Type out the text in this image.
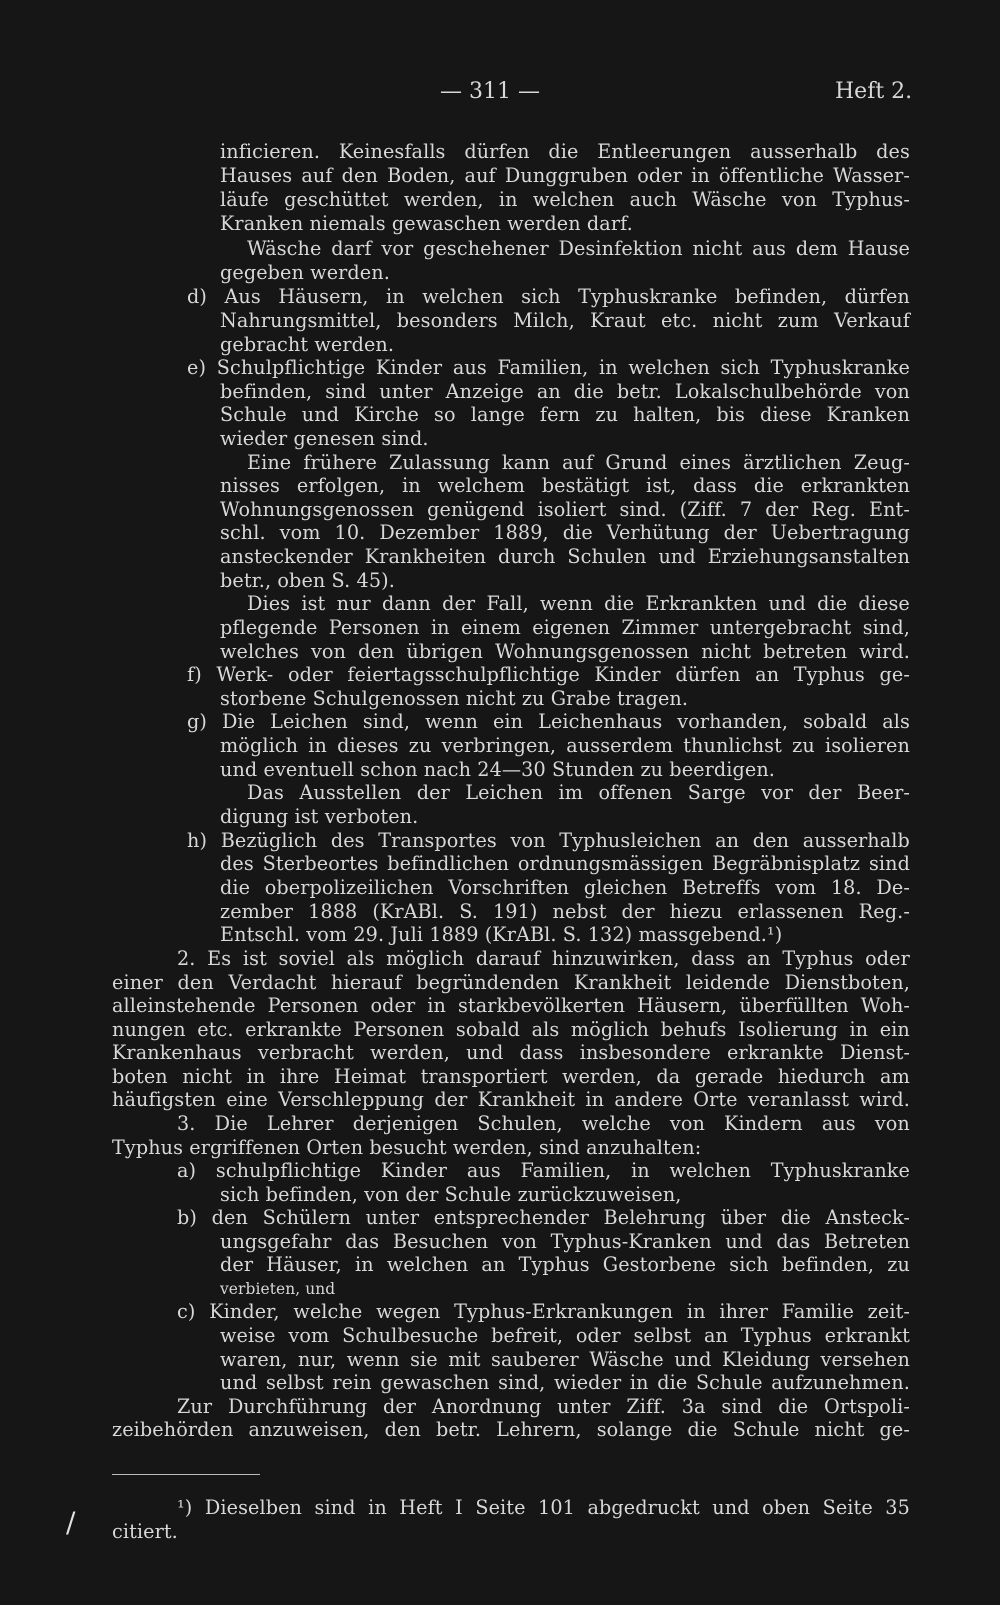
— 311 —	Heft 2.
inficieren. Keinesfalls dürfen die Entleerungen ausserhalb des
Hauses auf den Boden, auf Dunggruben oder in öffentliche Wasser-
läufe geschüttet werden, in welchen auch Wäsche von Typhus-
Kranken niemals gewaschen werden darf.
Wäsche darf vor geschehener Desinfektion nicht aus dem Hause
gegeben werden.
d) Aus Häusern, in welchen sich Typhuskranke befinden, dürfen
Nahrungsmittel, besonders Milch, Kraut etc. nicht zum Verkauf
gebracht werden.
e) Schulpflichtige Kinder aus Familien, in welchen sich Typhuskranke
befinden, sind unter Anzeige an die betr. Lokalschulbehörde von
Schule und Kirche so lange fern zu halten, bis diese Kranken
wieder genesen sind.
Eine frühere Zulassung kann auf Grund eines ärztlichen Zeug-
nisses erfolgen, in welchem bestätigt ist, dass die erkrankten
Wohnungsgenossen genügend isoliert sind. (Ziff. 7 der Reg. Ent-
schl. vom 10. Dezember 1889, die Verhütung der Uebertragung
ansteckender Krankheiten durch Schulen und Erziehungsanstalten
betr., oben S. 45).
Dies ist nur dann der Fall, wenn die Erkrankten und die diese
pflegende Personen in einem eigenen Zimmer untergebracht sind,
welches von den übrigen Wohnungsgenossen nicht betreten wird.
f) Werk- oder feiertagsschulpflichtige Kinder dürfen an Typhus ge-
storbene Schulgenossen nicht zu Grabe tragen.
g) Die Leichen sind, wenn ein Leichenhaus vorhanden, sobald als
möglich in dieses zu verbringen, ausserdem thunlichst zu isolieren
und eventuell schon nach 24—30 Stunden zu beerdigen.
Das Ausstellen der Leichen im offenen Sarge vor der Beer-
digung ist verboten.
h) Bezüglich des Transportes von Typhusleichen an den ausserhalb
des Sterbeortes befindlichen ordnungsmässigen Begräbnisplatz sind
die oberpolizeilichen Vorschriften gleichen Betreffs vom 18. De-
zember 1888 (KrABl. S. 191) nebst der hiezu erlassenen Reg.-
Entschl. vom 29. Juli 1889 (KrABl. S. 132) massgebend.¹)
2. Es ist soviel als möglich darauf hinzuwirken, dass an Typhus oder
einer den Verdacht hierauf begründenden Krankheit leidende Dienstboten,
alleinstehende Personen oder in starkbevölkerten Häusern, überfüllten Woh-
nungen etc. erkrankte Personen sobald als möglich behufs Isolierung in ein
Krankenhaus verbracht werden, und dass insbesondere erkrankte Dienst-
boten nicht in ihre Heimat transportiert werden, da gerade hiedurch am
häufigsten eine Verschleppung der Krankheit in andere Orte veranlasst wird.
3. Die Lehrer derjenigen Schulen, welche von Kindern aus von
Typhus ergriffenen Orten besucht werden, sind anzuhalten:
a) schulpflichtige Kinder aus Familien, in welchen Typhuskranke
sich befinden, von der Schule zurückzuweisen,
b) den Schülern unter entsprechender Belehrung über die Ansteck-
ungsgefahr das Besuchen von Typhus-Kranken und das Betreten
der Häuser, in welchen an Typhus Gestorbene sich befinden, zu
verbieten, und
c) Kinder, welche wegen Typhus-Erkrankungen in ihrer Familie zeit-
weise vom Schulbesuche befreit, oder selbst an Typhus erkrankt
waren, nur, wenn sie mit sauberer Wäsche und Kleidung versehen
und selbst rein gewaschen sind, wieder in die Schule aufzunehmen.
Zur Durchführung der Anordnung unter Ziff. 3a sind die Ortspoli-
zeibehörden anzuweisen, den betr. Lehrern, solange die Schule nicht ge-
¹) Dieselben sind in Heft I Seite 101 abgedruckt und oben Seite 35
citiert.
/
